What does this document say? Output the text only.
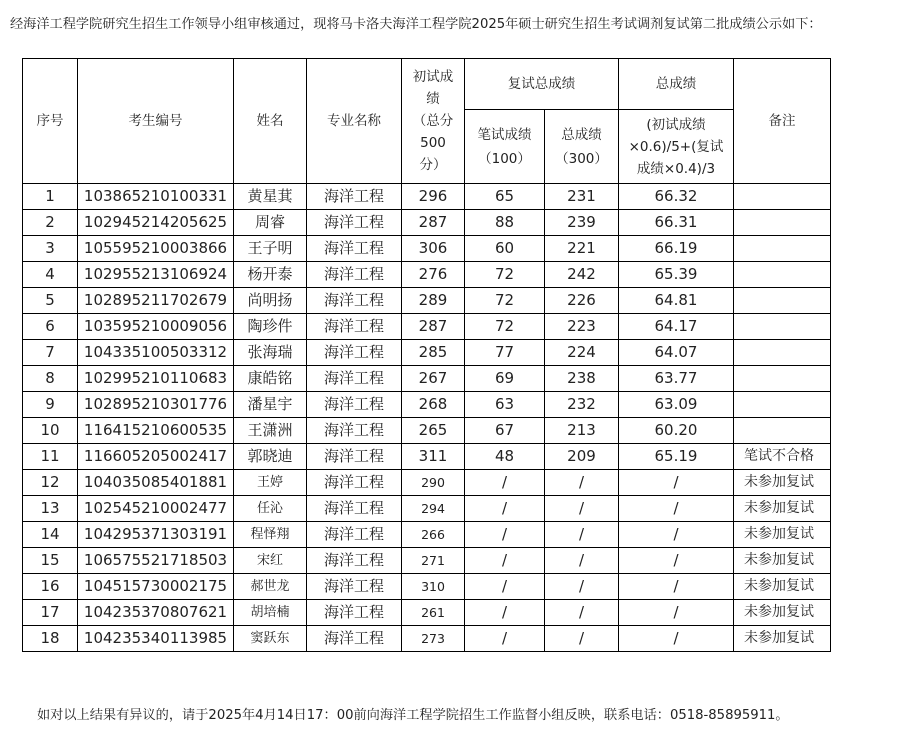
经海洋工程学院研究生招生工作领导小组审核通过，现将马卡洛夫海洋工程学院2025年硕士研究生招生考试调剂复试第二批成绩公示如下：
序号	考生编号	姓名	专业名称	初试成
绩
（总分
500
分）	复试总成绩		总成绩	备注

					笔试成绩
（100）	总成绩
（300）	(初试成绩
×0.6)/5+(复试
成绩×0.4)/3	

1	103865210100331	黄星萁	海洋工程	296	65	231	66.32	
2	102945214205625	周睿	海洋工程	287	88	239	66.31	
3	105595210003866	王子明	海洋工程	306	60	221	66.19	
4	102955213106924	杨开泰	海洋工程	276	72	242	65.39	
5	102895211702679	尚明扬	海洋工程	289	72	226	64.81	
6	103595210009056	陶珍件	海洋工程	287	72	223	64.17	
7	104335100503312	张海瑞	海洋工程	285	77	224	64.07	
8	102995210110683	康皓铭	海洋工程	267	69	238	63.77	
9	102895210301776	潘星宇	海洋工程	268	63	232	63.09	
10	116415210600535	王潇洲	海洋工程	265	67	213	60.20	
11	116605205002417	郭晓迪	海洋工程	311	48	209	65.19	笔试不合格
12	104035085401881	王婷	海洋工程	290	/	/	/	未参加复试
13	102545210002477	任沁	海洋工程	294	/	/	/	未参加复试
14	104295371303191	程怿翔	海洋工程	266	/	/	/	未参加复试
15	106575521718503	宋红	海洋工程	271	/	/	/	未参加复试
16	104515730002175	郝世龙	海洋工程	310	/	/	/	未参加复试
17	104235370807621	胡培楠	海洋工程	261	/	/	/	未参加复试
18	104235340113985	窦跃东	海洋工程	273	/	/	/	未参加复试
如对以上结果有异议的，请于2025年4月14日17：00前向海洋工程学院招生工作监督小组反映，联系电话：0518-85895911。
